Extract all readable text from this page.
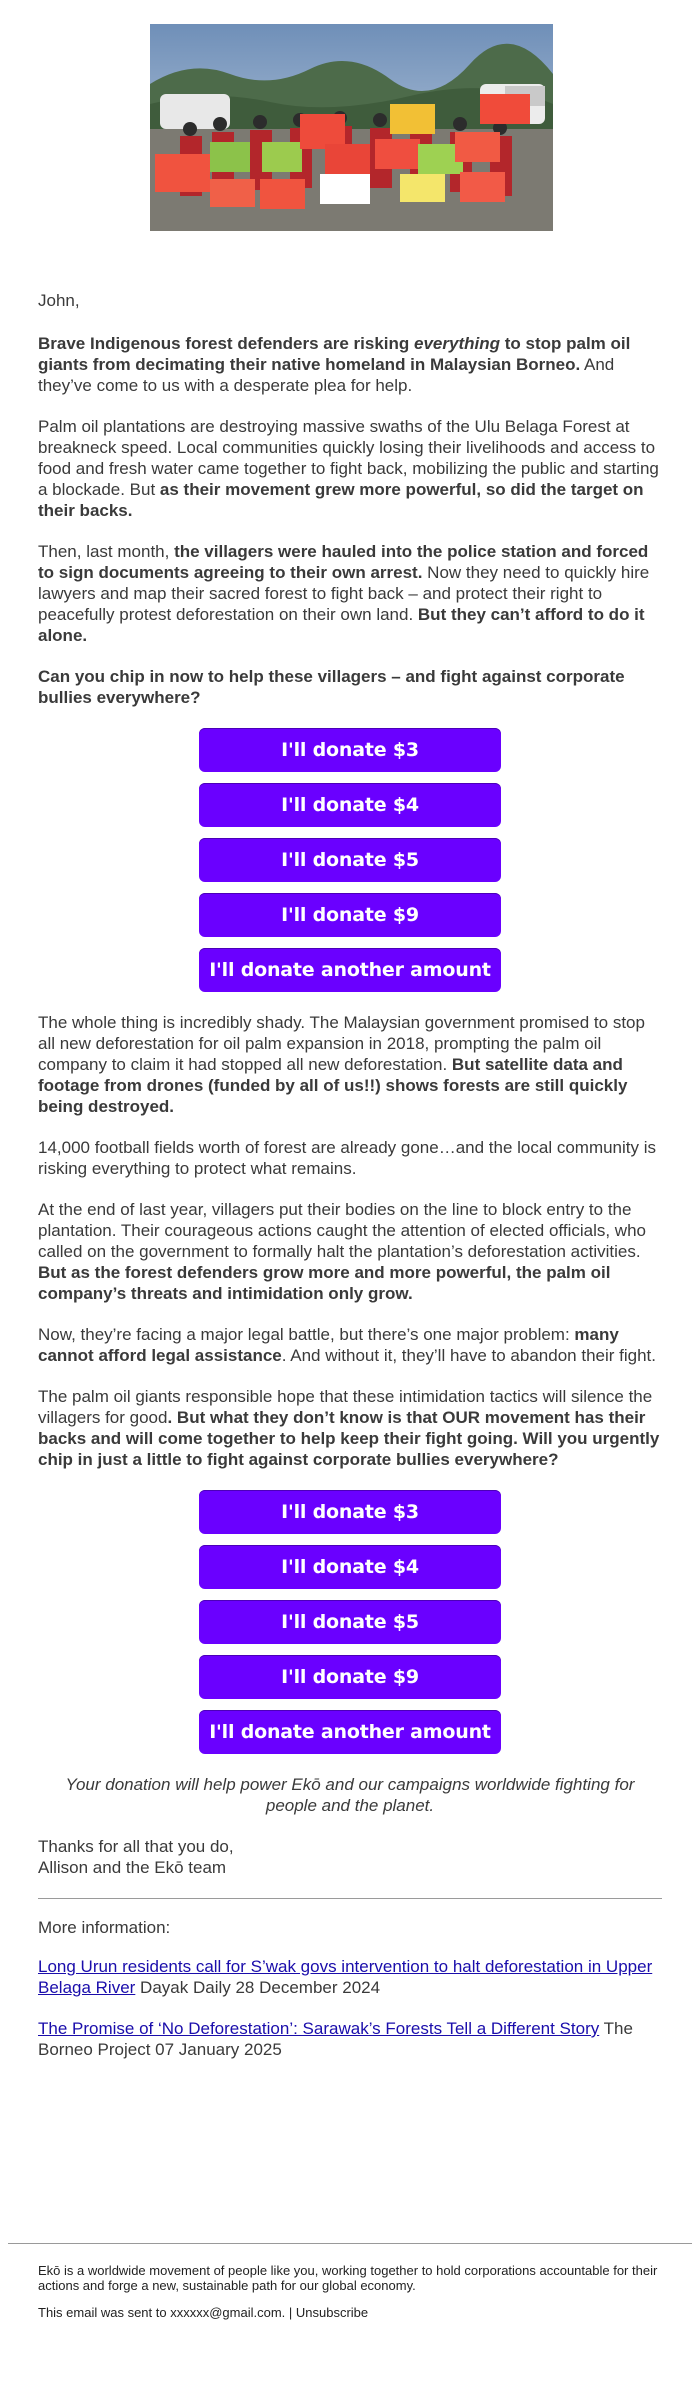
John,

Brave Indigenous forest defenders are risking everything to stop palm oil giants from decimating their native homeland in Malaysian Borneo. And they’ve come to us with a desperate plea for help.

Palm oil plantations are destroying massive swaths of the Ulu Belaga Forest at breakneck speed. Local communities quickly losing their livelihoods and access to food and fresh water came together to fight back, mobilizing the public and starting a blockade. But as their movement grew more powerful, so did the target on their backs.

Then, last month, the villagers were hauled into the police station and forced to sign documents agreeing to their own arrest. Now they need to quickly hire lawyers and map their sacred forest to fight back – and protect their right to peacefully protest deforestation on their own land. But they can’t afford to do it alone.

Can you chip in now to help these villagers – and fight against corporate bullies everywhere?

I'll donate $3
I'll donate $4
I'll donate $5
I'll donate $9
I'll donate another amount

The whole thing is incredibly shady. The Malaysian government promised to stop all new deforestation for oil palm expansion in 2018, prompting the palm oil company to claim it had stopped all new deforestation. But satellite data and footage from drones (funded by all of us!!) shows forests are still quickly being destroyed.

14,000 football fields worth of forest are already gone…and the local community is risking everything to protect what remains.

At the end of last year, villagers put their bodies on the line to block entry to the plantation. Their courageous actions caught the attention of elected officials, who called on the government to formally halt the plantation’s deforestation activities. But as the forest defenders grow more and more powerful, the palm oil company’s threats and intimidation only grow.

Now, they’re facing a major legal battle, but there’s one major problem: many cannot afford legal assistance. And without it, they’ll have to abandon their fight.

The palm oil giants responsible hope that these intimidation tactics will silence the villagers for good. But what they don’t know is that OUR movement has their backs and will come together to help keep their fight going. Will you urgently chip in just a little to fight against corporate bullies everywhere?

I'll donate $3
I'll donate $4
I'll donate $5
I'll donate $9
I'll donate another amount

Your donation will help power Ekō and our campaigns worldwide fighting for people and the planet.

Thanks for all that you do,
Allison and the Ekō team

More information:

Long Urun residents call for S’wak govs intervention to halt deforestation in Upper Belaga River Dayak Daily 28 December 2024

The Promise of ‘No Deforestation’: Sarawak’s Forests Tell a Different Story The Borneo Project 07 January 2025

Ekō is a worldwide movement of people like you, working together to hold corporations accountable for their actions and forge a new, sustainable path for our global economy.

This email was sent to xxxxxx@gmail.com. | Unsubscribe
